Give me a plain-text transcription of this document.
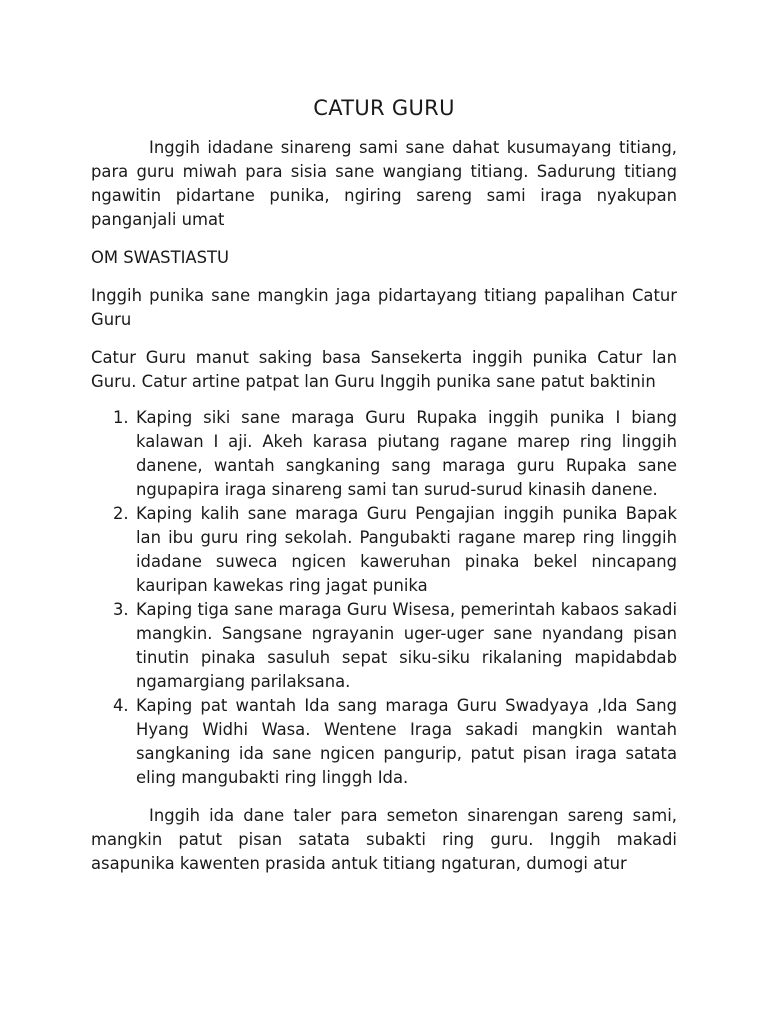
CATUR GURU

Inggih idadane sinareng sami sane dahat kusumayang titiang, para guru miwah para sisia sane wangiang titiang. Sadurung titiang ngawitin pidartane punika, ngiring sareng sami iraga nyakupan panganjali umat

OM SWASTIASTU

Inggih punika sane mangkin jaga pidartayang titiang papalihan Catur Guru

Catur Guru manut saking basa Sansekerta inggih punika Catur lan Guru. Catur artine patpat lan Guru Inggih punika sane patut baktinin

1. Kaping siki sane maraga Guru Rupaka inggih punika I biang kalawan I aji. Akeh karasa piutang ragane marep ring linggih danene, wantah sangkaning sang maraga guru Rupaka sane ngupapira iraga sinareng sami tan surud-surud kinasih danene.
2. Kaping kalih sane maraga Guru Pengajian inggih punika Bapak lan ibu guru ring sekolah. Pangubakti ragane marep ring linggih idadane suweca ngicen kaweruhan pinaka bekel nincapang kauripan kawekas ring jagat punika
3. Kaping tiga sane maraga Guru Wisesa, pemerintah kabaos sakadi mangkin. Sangsane ngrayanin uger-uger sane nyandang pisan tinutin pinaka sasuluh sepat siku-siku rikalaning mapidabdab ngamargiang parilaksana.
4. Kaping pat wantah Ida sang maraga Guru Swadyaya ,Ida Sang Hyang Widhi Wasa. Wentene Iraga sakadi mangkin wantah sangkaning ida sane ngicen pangurip, patut pisan iraga satata eling mangubakti ring linggh Ida.

Inggih ida dane taler para semeton sinarengan sareng sami, mangkin patut pisan satata subakti ring guru. Inggih makadi asapunika kawenten prasida antuk titiang ngaturan, dumogi atur
